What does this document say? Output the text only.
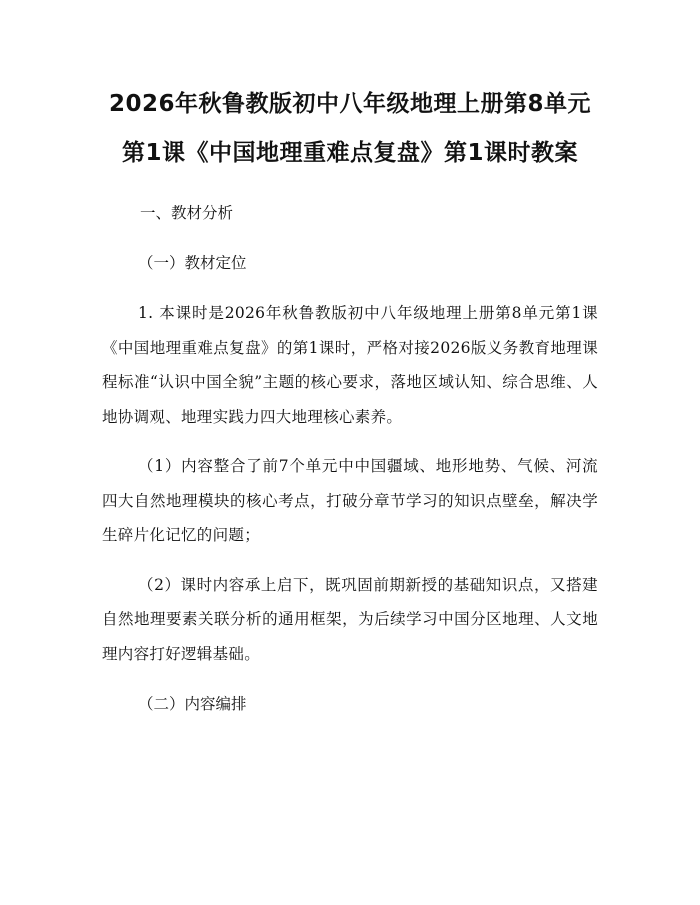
2026年秋鲁教版初中八年级地理上册第8单元第1课《中国地理重难点复盘》第1课时教案
一、教材分析
（一）教材定位

1. 本课时是2026年秋鲁教版初中八年级地理上册第8单元第1课《中国地理重难点复盘》的第1课时，严格对接2026版义务教育地理课程标准“认识中国全貌”主题的核心要求，落地区域认知、综合思维、人地协调观、地理实践力四大地理核心素养。

（1）内容整合了前7个单元中中国疆域、地形地势、气候、河流四大自然地理模块的核心考点，打破分章节学习的知识点壁垒，解决学生碎片化记忆的问题；

（2）课时内容承上启下，既巩固前期新授的基础知识点，又搭建自然地理要素关联分析的通用框架，为后续学习中国分区地理、人文地理内容打好逻辑基础。

（二）内容编排
